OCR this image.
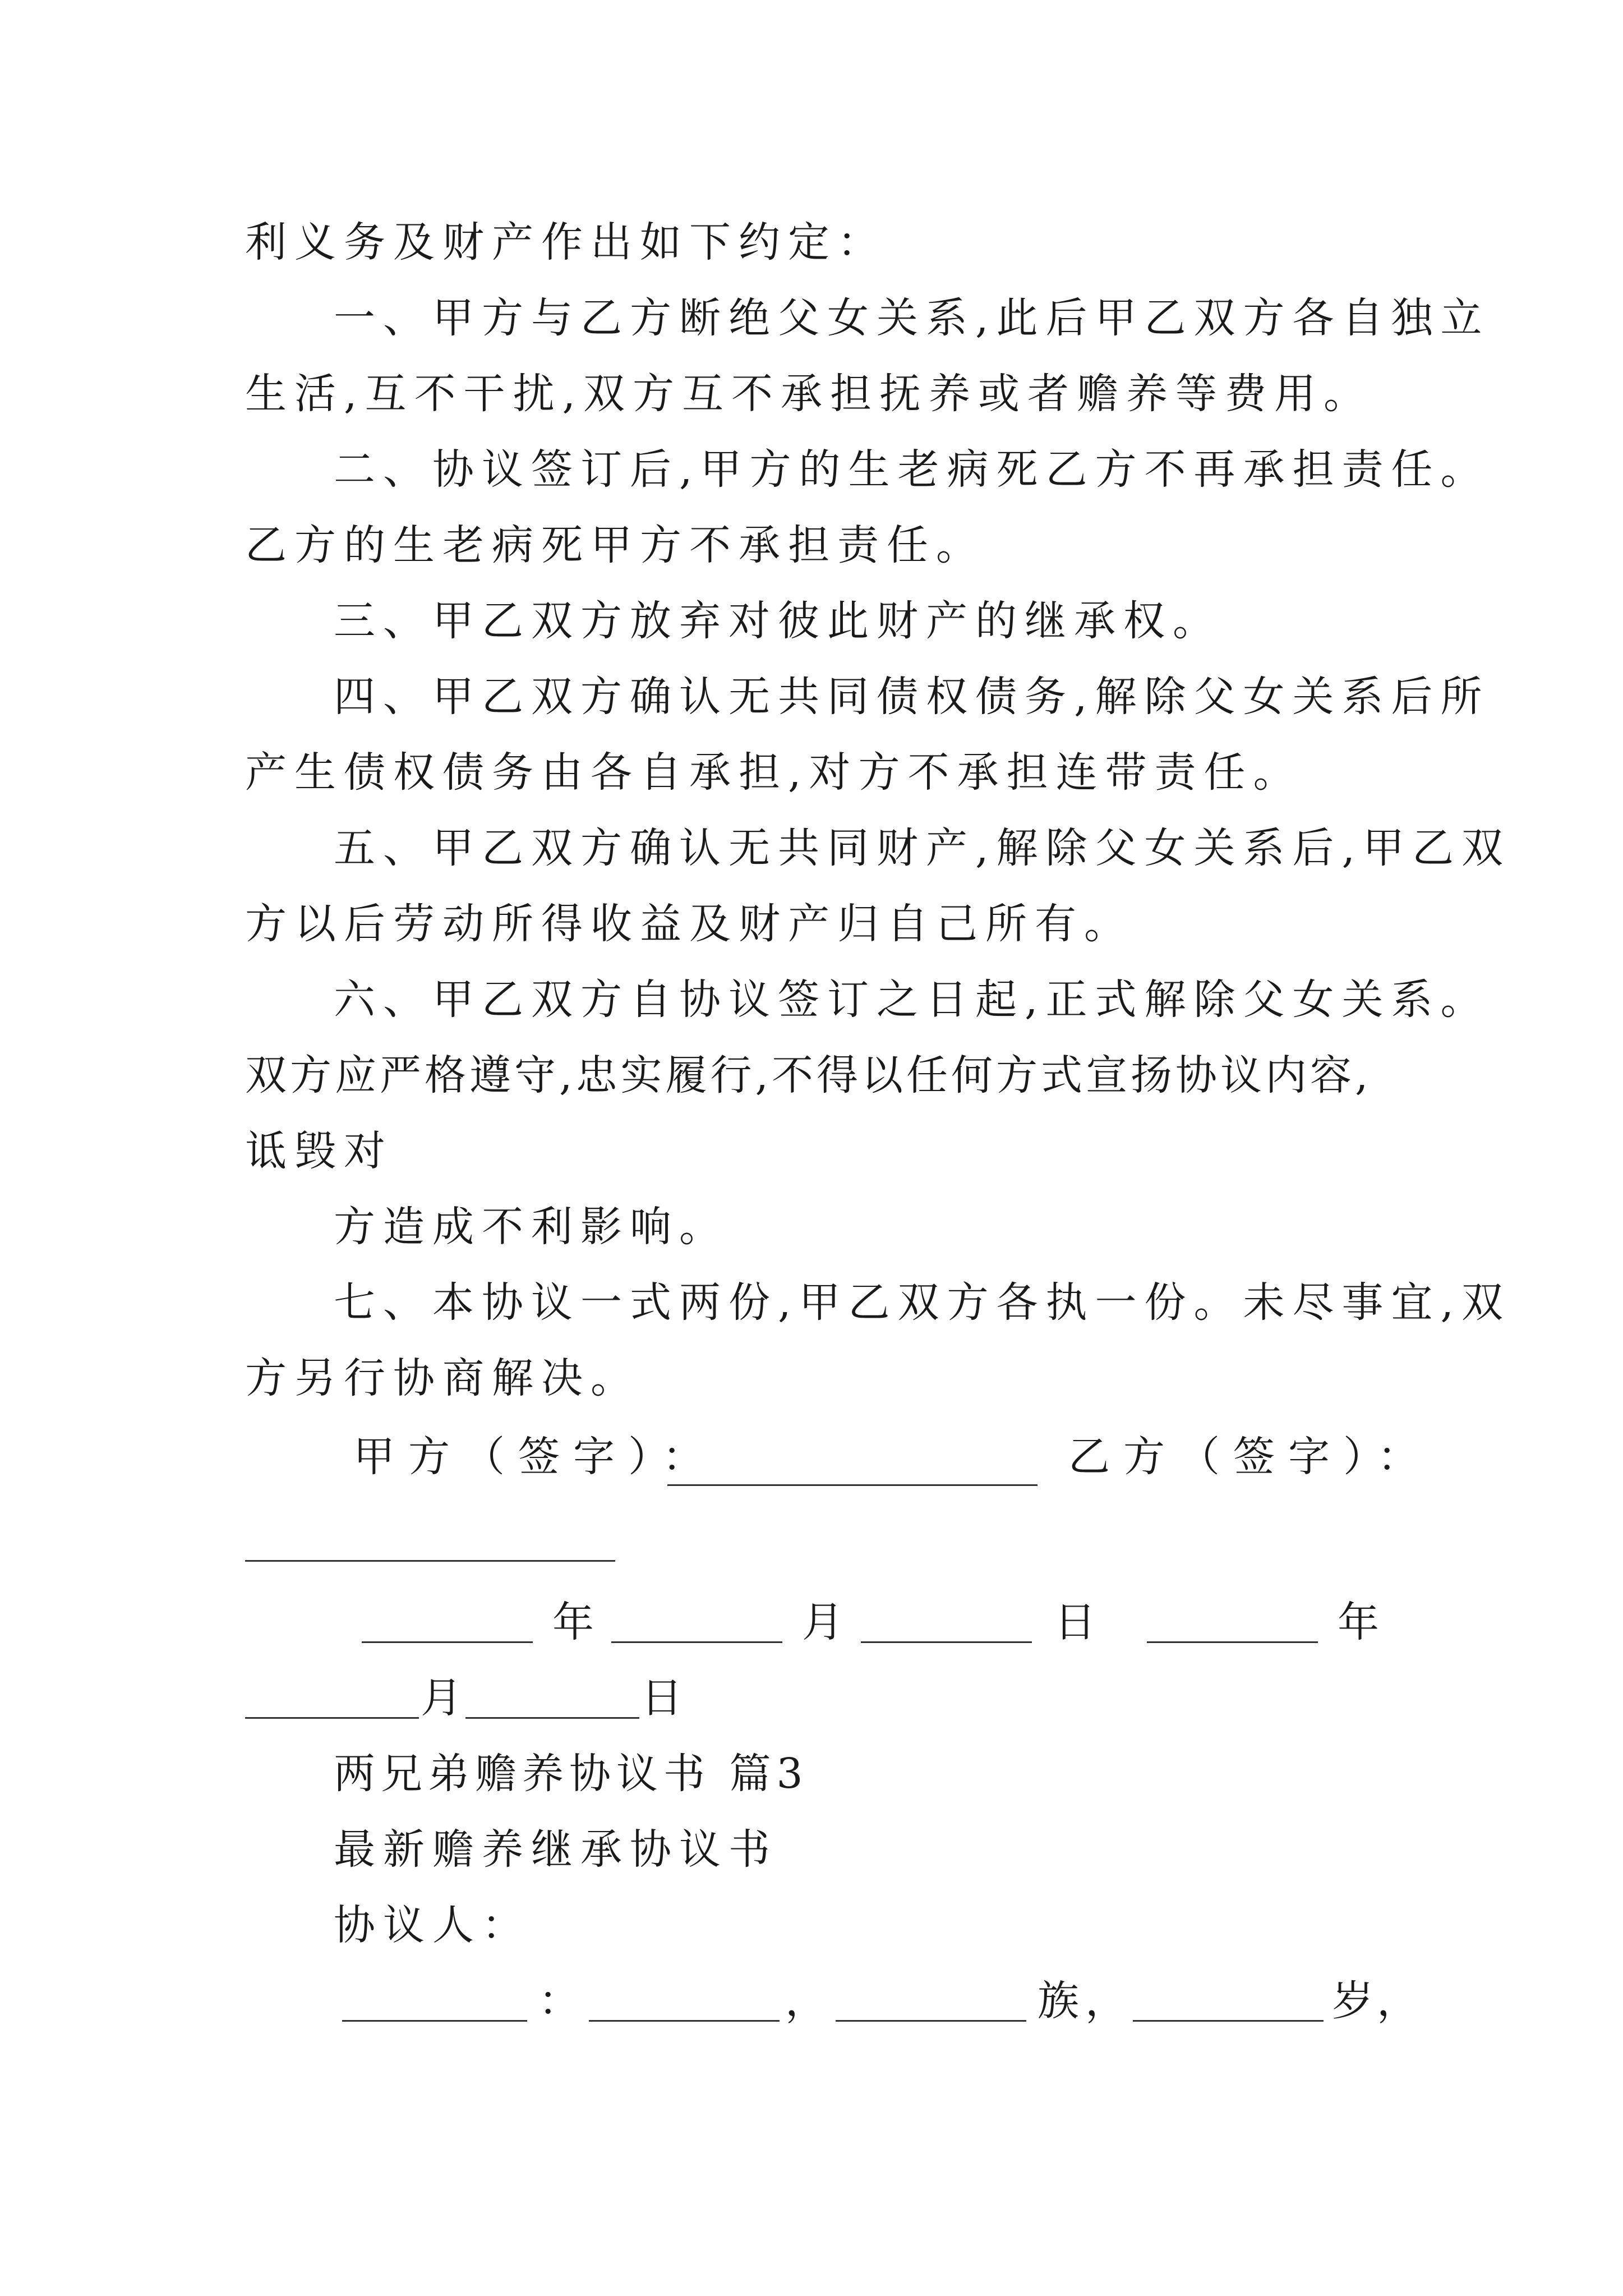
利义务及财产作出如下约定：
一、甲方与乙方断绝父女关系,此后甲乙双方各自独立
生活,互不干扰,双方互不承担抚养或者赡养等费用。
二、协议签订后,甲方的生老病死乙方不再承担责任。
乙方的生老病死甲方不承担责任。
三、甲乙双方放弃对彼此财产的继承权。
四、甲乙双方确认无共同债权债务,解除父女关系后所
产生债权债务由各自承担,对方不承担连带责任。
五、甲乙双方确认无共同财产,解除父女关系后,甲乙双
方以后劳动所得收益及财产归自己所有。
六、甲乙双方自协议签订之日起,正式解除父女关系。
双方应严格遵守,忠实履行,不得以任何方式宣扬协议内容,
诋毁对
方造成不利影响。
七、本协议一式两份,甲乙双方各执一份。未尽事宜,双
方另行协商解决。
甲方（签字）：	乙方（签字）：
年	月	日	年
月	日
两兄弟赡养协议书 篇3
最新赡养继承协议书
协议人：
：	，	族
，	岁
，
